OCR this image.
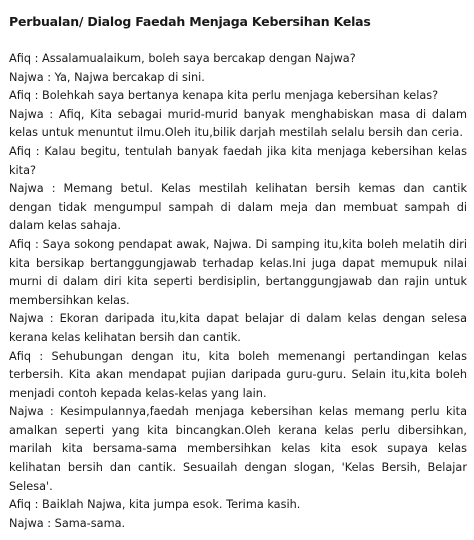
Perbualan/ Dialog Faedah Menjaga Kebersihan Kelas

Afiq : Assalamualaikum, boleh saya bercakap dengan Najwa?

Najwa : Ya, Najwa bercakap di sini.

Afiq : Bolehkah saya bertanya kenapa kita perlu menjaga kebersihan kelas?

Najwa : Afiq, Kita sebagai murid-murid banyak menghabiskan masa di dalam kelas untuk menuntut ilmu.Oleh itu,bilik darjah mestilah selalu bersih dan ceria.

Afiq : Kalau begitu, tentulah banyak faedah jika kita menjaga kebersihan kelas kita?

Najwa : Memang betul. Kelas mestilah kelihatan bersih kemas dan cantik dengan tidak mengumpul sampah di dalam meja dan membuat sampah di dalam kelas sahaja.

Afiq : Saya sokong pendapat awak, Najwa. Di samping itu,kita boleh melatih diri kita bersikap bertanggungjawab terhadap kelas.Ini juga dapat memupuk nilai murni di dalam diri kita seperti berdisiplin, bertanggungjawab dan rajin untuk membersihkan kelas.

Najwa : Ekoran daripada itu,kita dapat belajar di dalam kelas dengan selesa kerana kelas kelihatan bersih dan cantik.

Afiq : Sehubungan dengan itu, kita boleh memenangi pertandingan kelas terbersih. Kita akan mendapat pujian daripada guru-guru. Selain itu,kita boleh menjadi contoh kepada kelas-kelas yang lain.

Najwa : Kesimpulannya,faedah menjaga kebersihan kelas memang perlu kita amalkan seperti yang kita bincangkan.Oleh kerana kelas perlu dibersihkan, marilah kita bersama-sama membersihkan kelas kita esok supaya kelas kelihatan bersih dan cantik. Sesuailah dengan slogan, 'Kelas Bersih, Belajar Selesa'.

Afiq : Baiklah Najwa, kita jumpa esok. Terima kasih.

Najwa : Sama-sama.
